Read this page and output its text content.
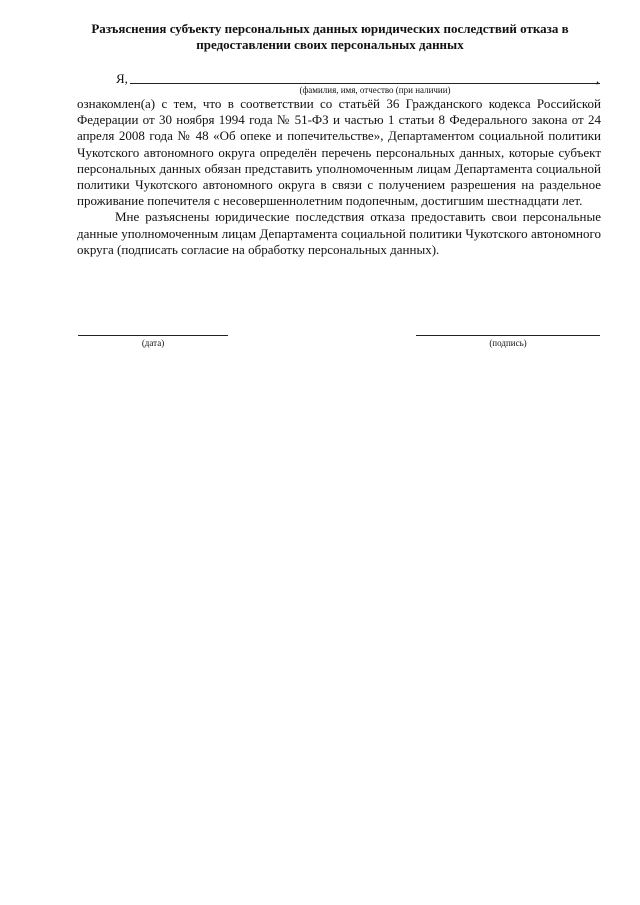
Разъяснения субъекту персональных данных юридических последствий отказа в предоставлении своих персональных данных
Я,	,
(фамилия, имя, отчество (при наличии)

ознакомлен(а) с тем, что в соответствии со статьёй 36 Гражданского кодекса Российской Федерации от 30 ноября 1994 года № 51-ФЗ и частью 1 статьи 8 Федерального закона от 24 апреля 2008 года № 48 «Об опеке и попечительстве», Департаментом социальной политики Чукотского автономного округа определён перечень персональных данных, которые субъект персональных данных обязан представить уполномоченным лицам Департамента социальной политики Чукотского автономного округа в связи с получением разрешения на раздельное проживание попечителя с несовершеннолетним подопечным, достигшим шестнадцати лет.

Мне разъяснены юридические последствия отказа предоставить свои персональные данные уполномоченным лицам Департамента социальной политики Чукотского автономного округа (подписать согласие на обработку персональных данных).

(дата)	(подпись)
